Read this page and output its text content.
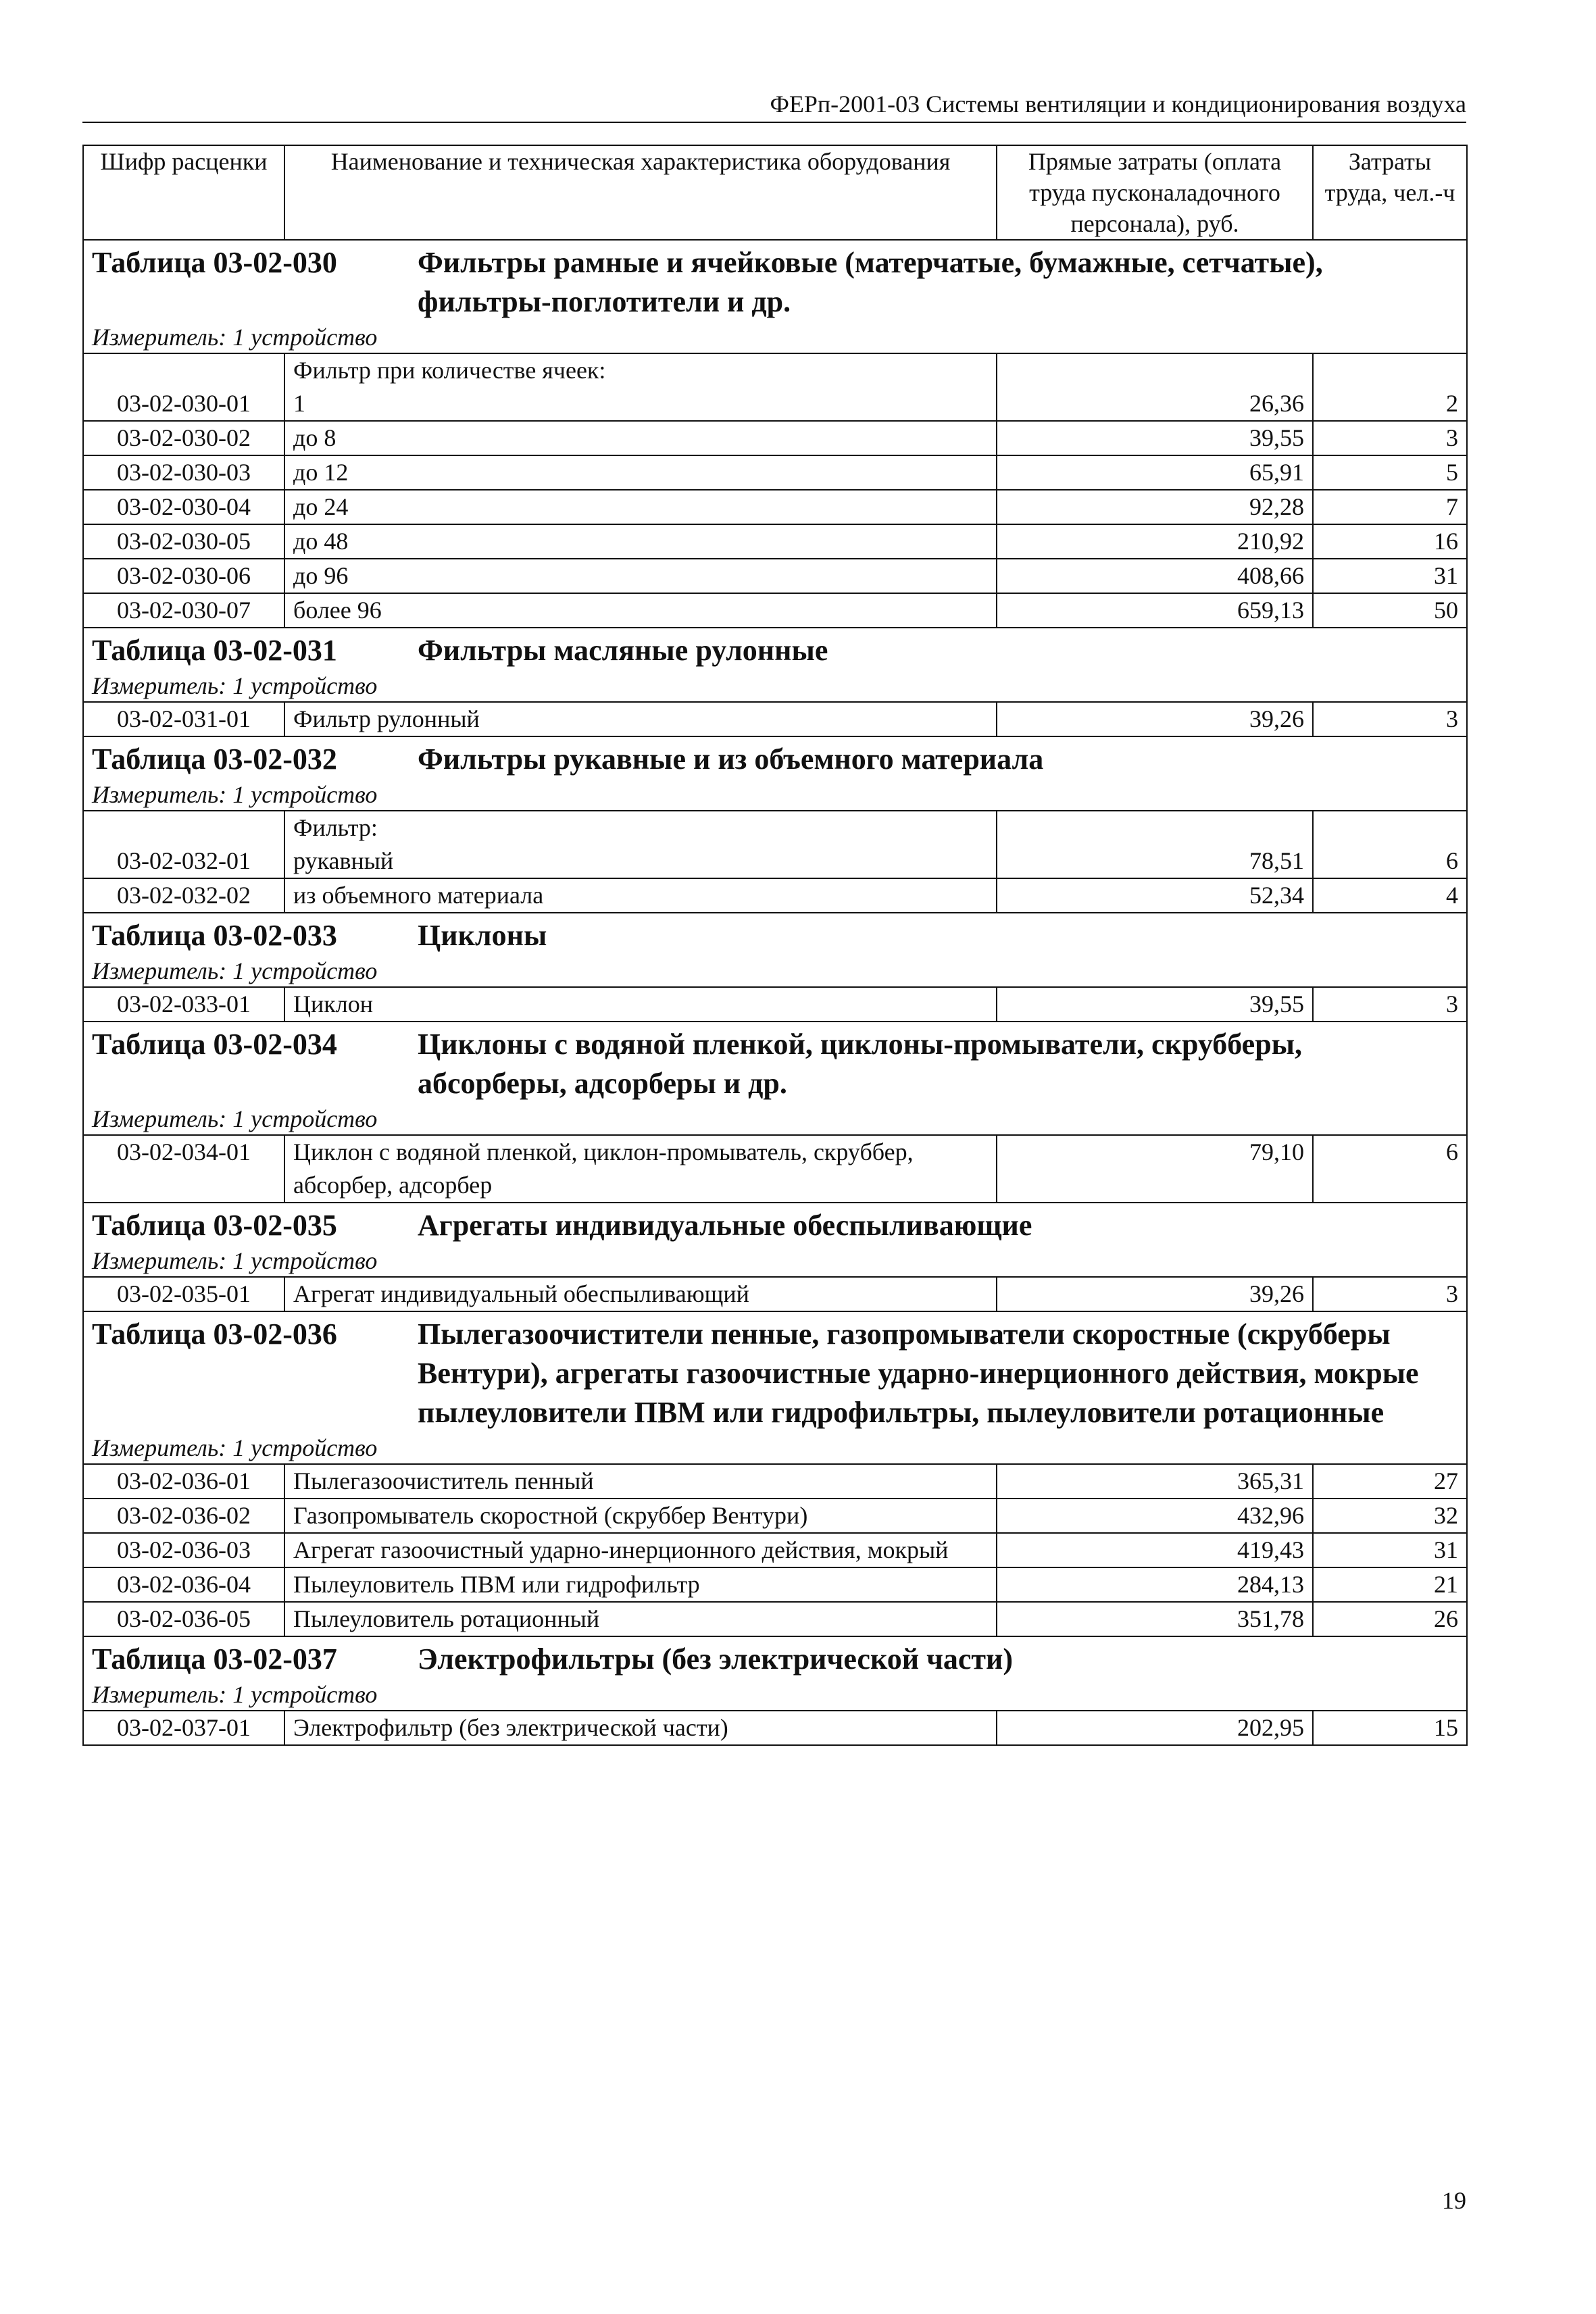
ФЕРп-2001-03 Системы вентиляции и кондиционирования воздуха
Шифр расценки	Наименование и техническая характеристика оборудования	Прямые затраты (оплата труда пусконаладочного персонала), руб.	Затраты труда, чел.-ч

Таблица 03-02-030 Фильтры рамные и ячейковые (матерчатые, бумажные, сетчатые), фильтры-поглотители и др.			

Измеритель: 1 устройство			
	Фильтр при количестве ячеек:		
03-02-030-01	1	26,36	2
03-02-030-02	до 8	39,55	3
03-02-030-03	до 12	65,91	5
03-02-030-04	до 24	92,28	7
03-02-030-05	до 48	210,92	16
03-02-030-06	до 96	408,66	31
03-02-030-07	более 96	659,13	50

Таблица 03-02-031 Фильтры масляные рулонные			

Измеритель: 1 устройство			
03-02-031-01	Фильтр рулонный	39,26	3

Таблица 03-02-032 Фильтры рукавные и из объемного материала			

Измеритель: 1 устройство			
	Фильтр:		
03-02-032-01	рукавный	78,51	6
03-02-032-02	из объемного материала	52,34	4

Таблица 03-02-033 Циклоны			

Измеритель: 1 устройство			
03-02-033-01	Циклон	39,55	3

Таблица 03-02-034 Циклоны с водяной пленкой, циклоны-промыватели, скрубберы, абсорберы, адсорберы и др.			

Измеритель: 1 устройство			
03-02-034-01	Циклон с водяной пленкой, циклон-промыватель, скруббер, абсорбер, адсорбер	79,10	6

Таблица 03-02-035 Агрегаты индивидуальные обеспыливающие			

Измеритель: 1 устройство			
03-02-035-01	Агрегат индивидуальный обеспыливающий	39,26	3

Таблица 03-02-036 Пылегазоочистители пенные, газопромыватели скоростные (скрубберы Вентури), агрегаты газоочистные ударно-инерционного действия, мокрые пылеуловители ПВМ или гидрофильтры, пылеуловители ротационные			

Измеритель: 1 устройство			
03-02-036-01	Пылегазоочиститель пенный	365,31	27
03-02-036-02	Газопромыватель скоростной (скруббер Вентури)	432,96	32
03-02-036-03	Агрегат газоочистный ударно-инерционного действия, мокрый	419,43	31
03-02-036-04	Пылеуловитель ПВМ или гидрофильтр	284,13	21
03-02-036-05	Пылеуловитель ротационный	351,78	26

Таблица 03-02-037 Электрофильтры (без электрической части)			

Измеритель: 1 устройство			
03-02-037-01	Электрофильтр (без электрической части)	202,95	15
19
